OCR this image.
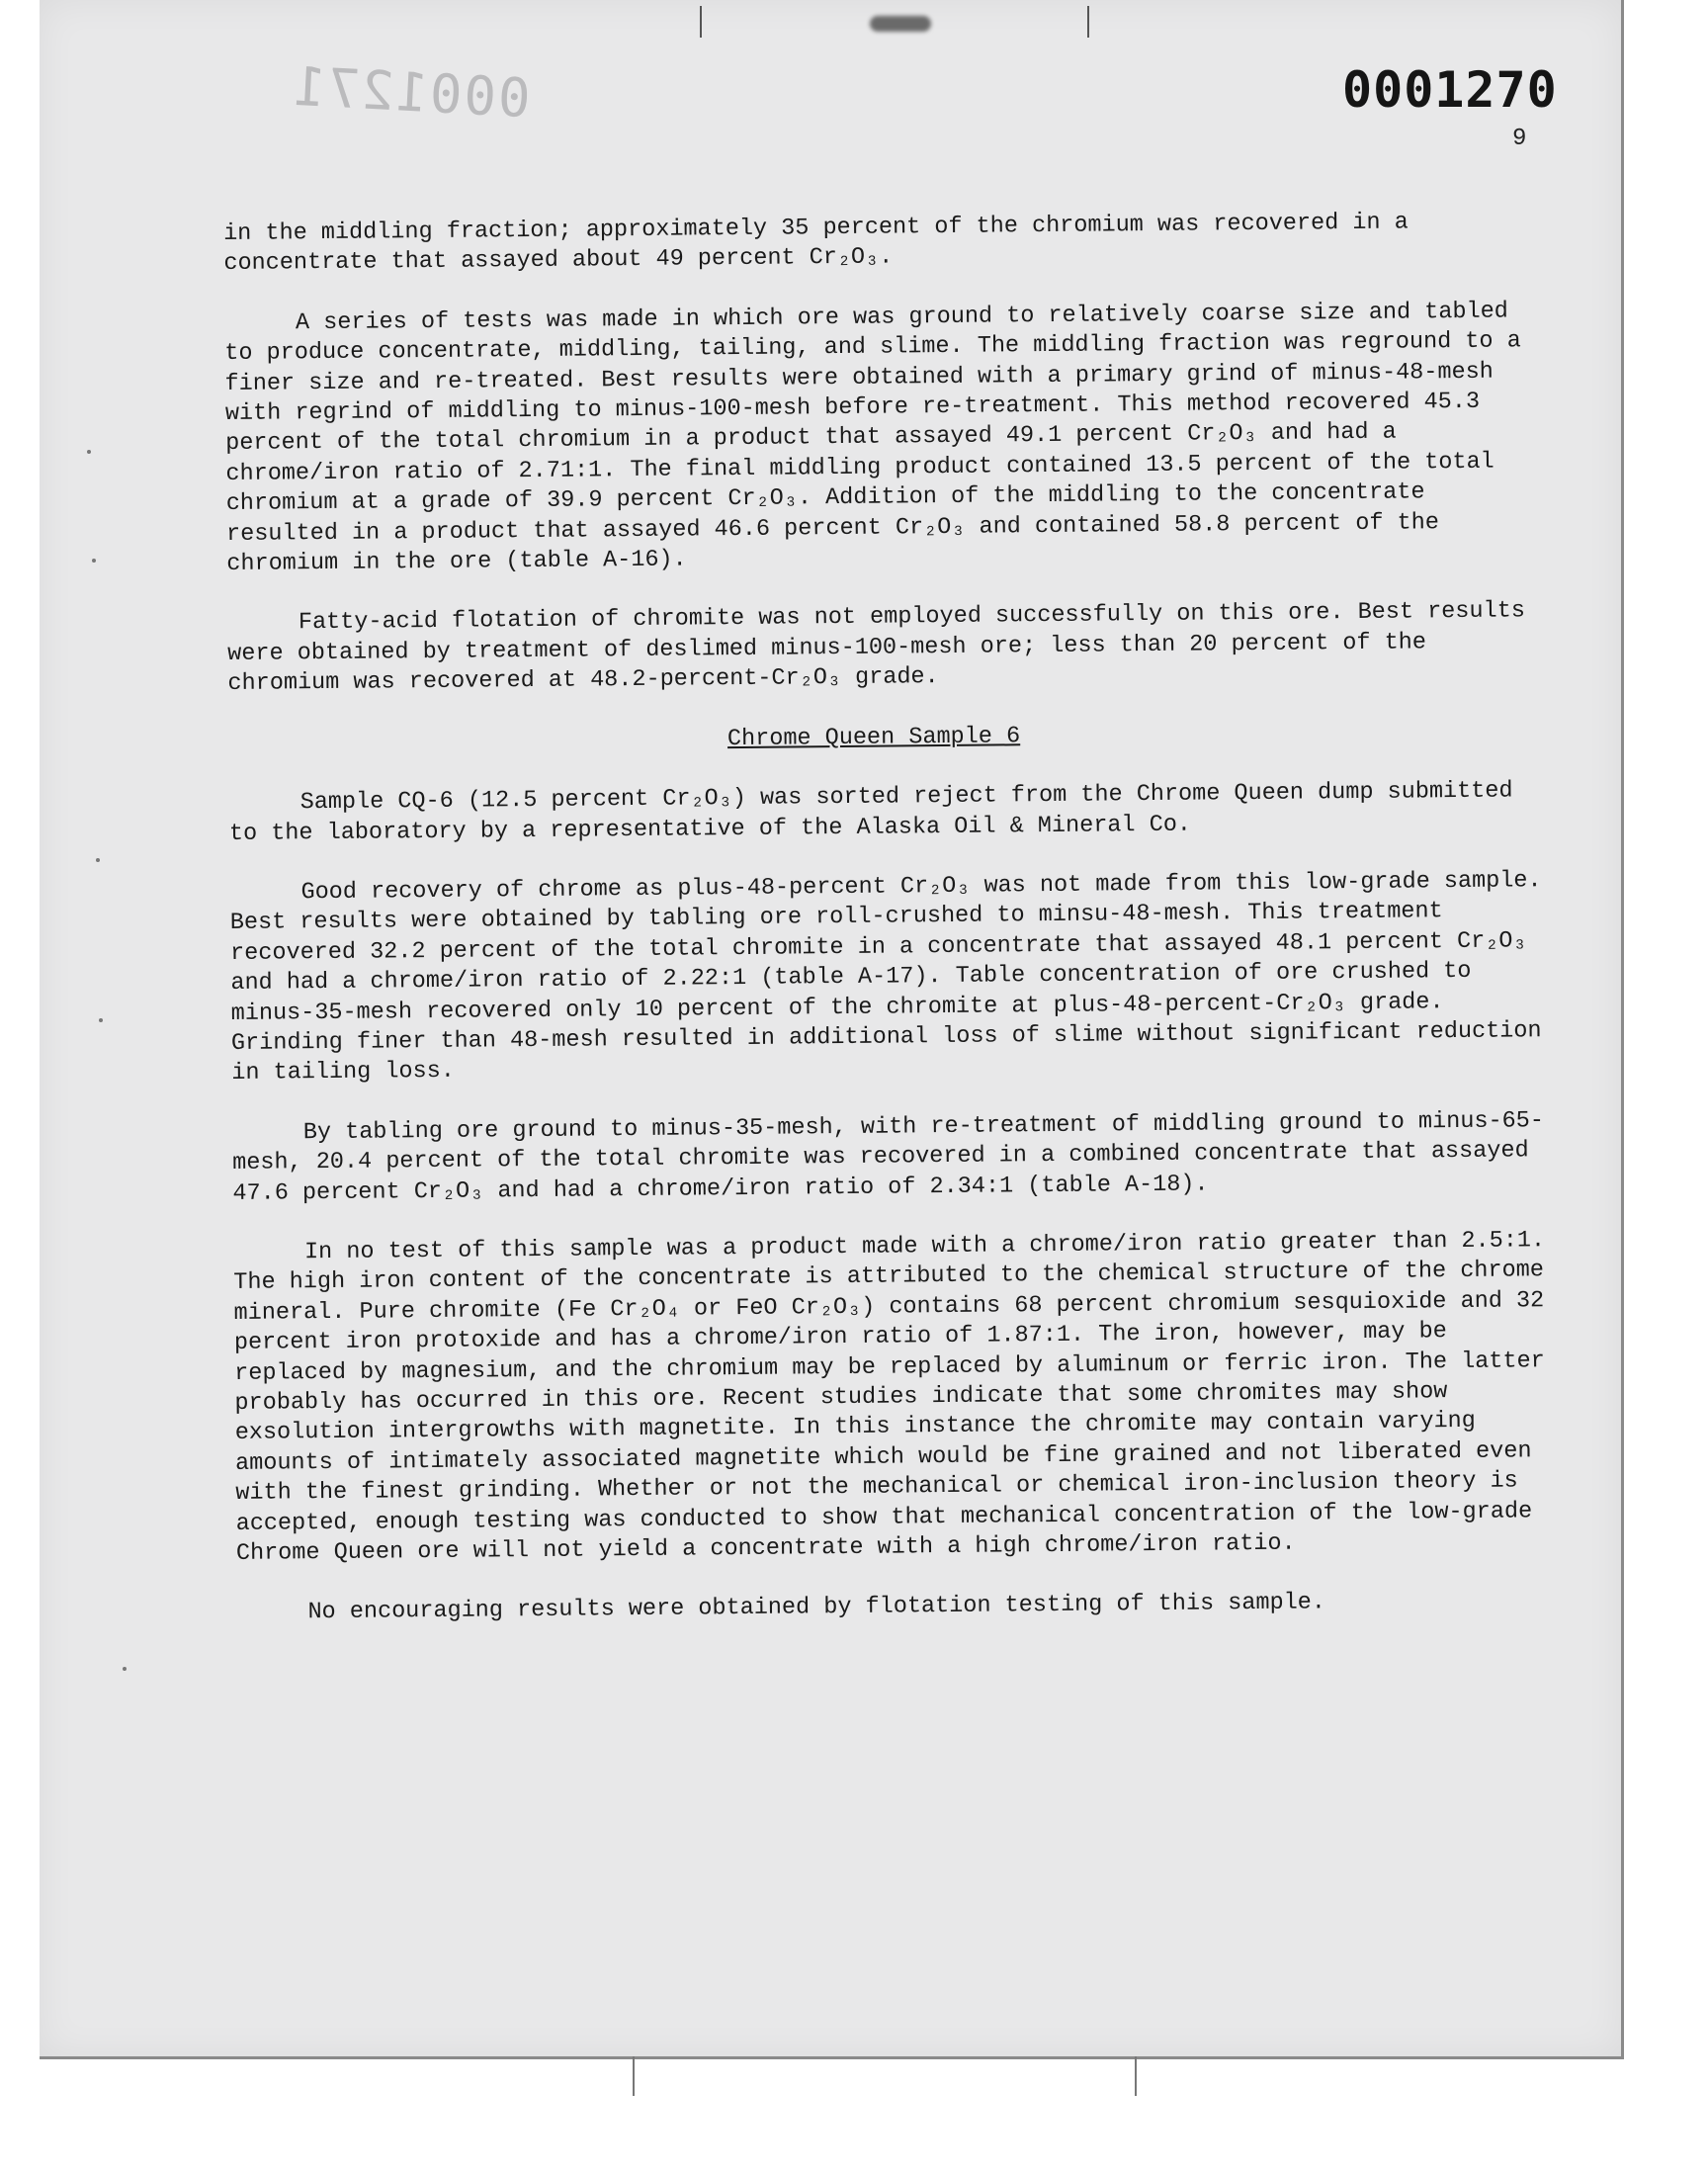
0001271	0001270
9

in the middling fraction; approximately 35 percent of the chromium was recovered in a concentrate that assayed about 49 percent Cr₂O₃.

A series of tests was made in which ore was ground to relatively coarse size and tabled to produce concentrate, middling, tailing, and slime. The middling fraction was reground to a finer size and re-treated. Best results were obtained with a primary grind of minus-48-mesh with regrind of middling to minus-100-mesh before re-treatment. This method recovered 45.3 percent of the total chromium in a product that assayed 49.1 percent Cr₂O₃ and had a chrome/iron ratio of 2.71:1. The final middling product contained 13.5 percent of the total chromium at a grade of 39.9 percent Cr₂O₃. Addition of the middling to the concentrate resulted in a product that assayed 46.6 percent Cr₂O₃ and contained 58.8 percent of the chromium in the ore (table A-16).

Fatty-acid flotation of chromite was not employed successfully on this ore. Best results were obtained by treatment of deslimed minus-100-mesh ore; less than 20 percent of the chromium was recovered at 48.2-percent-Cr₂O₃ grade.

Chrome Queen Sample 6

Sample CQ-6 (12.5 percent Cr₂O₃) was sorted reject from the Chrome Queen dump submitted to the laboratory by a representative of the Alaska Oil & Mineral Co.

Good recovery of chrome as plus-48-percent Cr₂O₃ was not made from this low-grade sample. Best results were obtained by tabling ore roll-crushed to minsu-48-mesh. This treatment recovered 32.2 percent of the total chromite in a concentrate that assayed 48.1 percent Cr₂O₃ and had a chrome/iron ratio of 2.22:1 (table A-17). Table concentration of ore crushed to minus-35-mesh recovered only 10 percent of the chromite at plus-48-percent-Cr₂O₃ grade. Grinding finer than 48-mesh resulted in additional loss of slime without significant reduction in tailing loss.

By tabling ore ground to minus-35-mesh, with re-treatment of middling ground to minus-65-mesh, 20.4 percent of the total chromite was recovered in a combined concentrate that assayed 47.6 percent Cr₂O₃ and had a chrome/iron ratio of 2.34:1 (table A-18).

In no test of this sample was a product made with a chrome/iron ratio greater than 2.5:1. The high iron content of the concentrate is attributed to the chemical structure of the chrome mineral. Pure chromite (Fe Cr₂O₄ or FeO Cr₂O₃) contains 68 percent chromium sesquioxide and 32 percent iron protoxide and has a chrome/iron ratio of 1.87:1. The iron, however, may be replaced by magnesium, and the chromium may be replaced by aluminum or ferric iron. The latter probably has occurred in this ore. Recent studies indicate that some chromites may show exsolution intergrowths with magnetite. In this instance the chromite may contain varying amounts of intimately associated magnetite which would be fine grained and not liberated even with the finest grinding. Whether or not the mechanical or chemical iron-inclusion theory is accepted, enough testing was conducted to show that mechanical concentration of the low-grade Chrome Queen ore will not yield a concentrate with a high chrome/iron ratio.

No encouraging results were obtained by flotation testing of this sample.
